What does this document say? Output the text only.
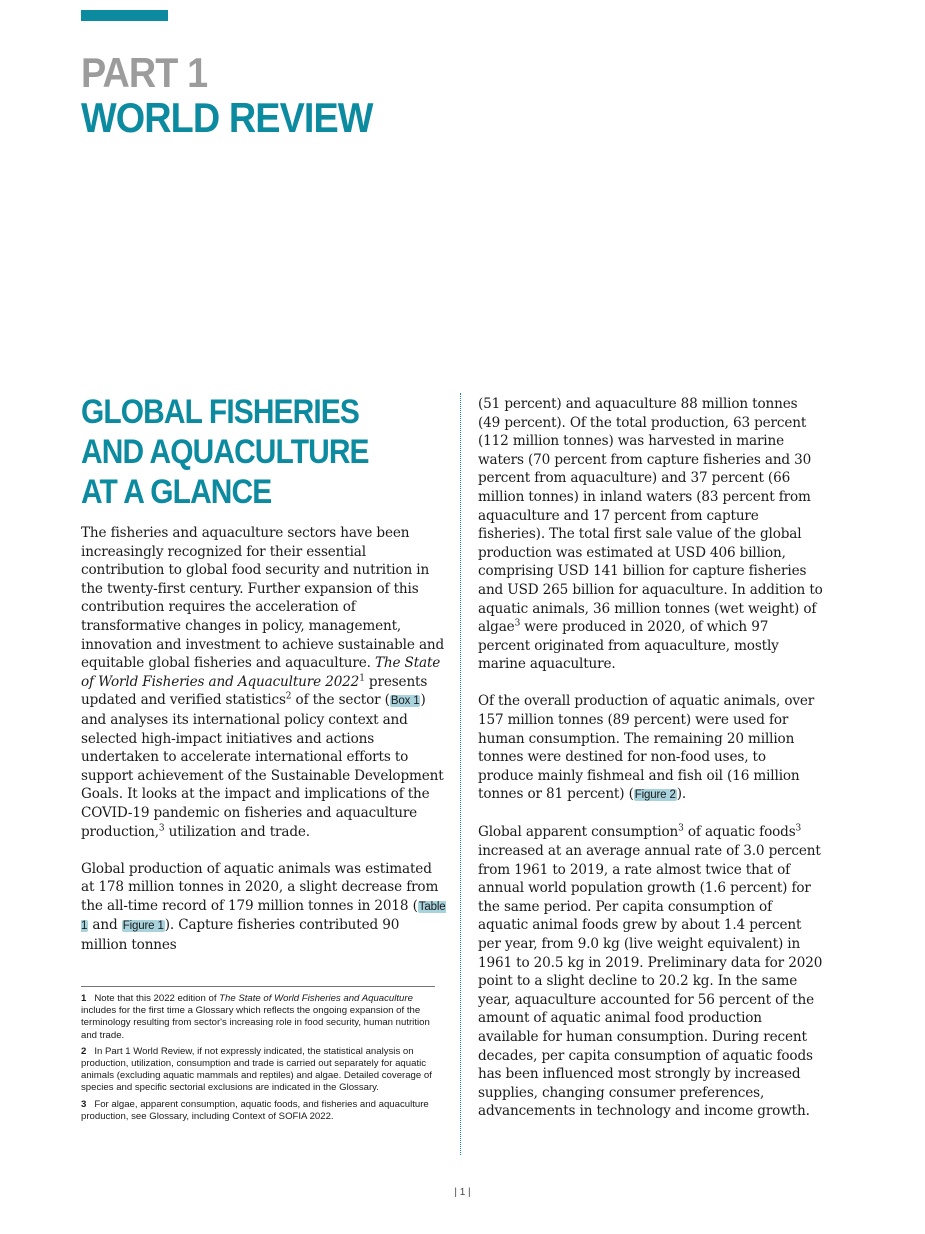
PART 1
WORLD REVIEW
GLOBAL FISHERIES
AND AQUACULTURE
AT A GLANCE

The fisheries and aquaculture sectors have been increasingly recognized for their essential contribution to global food security and nutrition in the twenty-first century. Further expansion of this contribution requires the acceleration of transformative changes in policy, management, innovation and investment to achieve sustainable and equitable global fisheries and aquaculture. The State of World Fisheries and Aquaculture 2022$^1$ presents updated and verified statistics$^2$ of the sector (Box 1) and analyses its international policy context and selected high-impact initiatives and actions undertaken to accelerate international efforts to support achievement of the Sustainable Development Goals. It looks at the impact and implications of the COVID-19 pandemic on fisheries and aquaculture production,$^3$ utilization and trade.

Global production of aquatic animals was estimated at 178 million tonnes in 2020, a slight decrease from the all-time record of 179 million tonnes in 2018 (Table 1 and Figure 1). Capture fisheries contributed 90 million tonnes

(51 percent) and aquaculture 88 million tonnes (49 percent). Of the total production, 63 percent (112 million tonnes) was harvested in marine waters (70 percent from capture fisheries and 30 percent from aquaculture) and 37 percent (66 million tonnes) in inland waters (83 percent from aquaculture and 17 percent from capture fisheries). The total first sale value of the global production was estimated at USD 406 billion, comprising USD 141 billion for capture fisheries and USD 265 billion for aquaculture. In addition to aquatic animals, 36 million tonnes (wet weight) of algae$^3$ were produced in 2020, of which 97 percent originated from aquaculture, mostly marine aquaculture.

Of the overall production of aquatic animals, over 157 million tonnes (89 percent) were used for human consumption. The remaining 20 million tonnes were destined for non-food uses, to produce mainly fishmeal and fish oil (16 million tonnes or 81 percent) (Figure 2).

Global apparent consumption$^3$ of aquatic foods$^3$ increased at an average annual rate of 3.0 percent from 1961 to 2019, a rate almost twice that of annual world population growth (1.6 percent) for the same period. Per capita consumption of aquatic animal foods grew by about 1.4 percent per year, from 9.0 kg (live weight equivalent) in 1961 to 20.5 kg in 2019. Preliminary data for 2020 point to a slight decline to 20.2 kg. In the same year, aquaculture accounted for 56 percent of the amount of aquatic animal food production available for human consumption. During recent decades, per capita consumption of aquatic foods has been influenced most strongly by increased supplies, changing consumer preferences, advancements in technology and income growth.

1 Note that this 2022 edition of The State of World Fisheries and Aquaculture includes for the first time a Glossary which reflects the ongoing expansion of the terminology resulting from sector's increasing role in food security, human nutrition and trade.

2 In Part 1 World Review, if not expressly indicated, the statistical analysis on production, utilization, consumption and trade is carried out separately for aquatic animals (excluding aquatic mammals and reptiles) and algae. Detailed coverage of species and specific sectorial exclusions are indicated in the Glossary.

3 For algae, apparent consumption, aquatic foods, and fisheries and aquaculture production, see Glossary, including Context of SOFIA 2022.

| 1 |
